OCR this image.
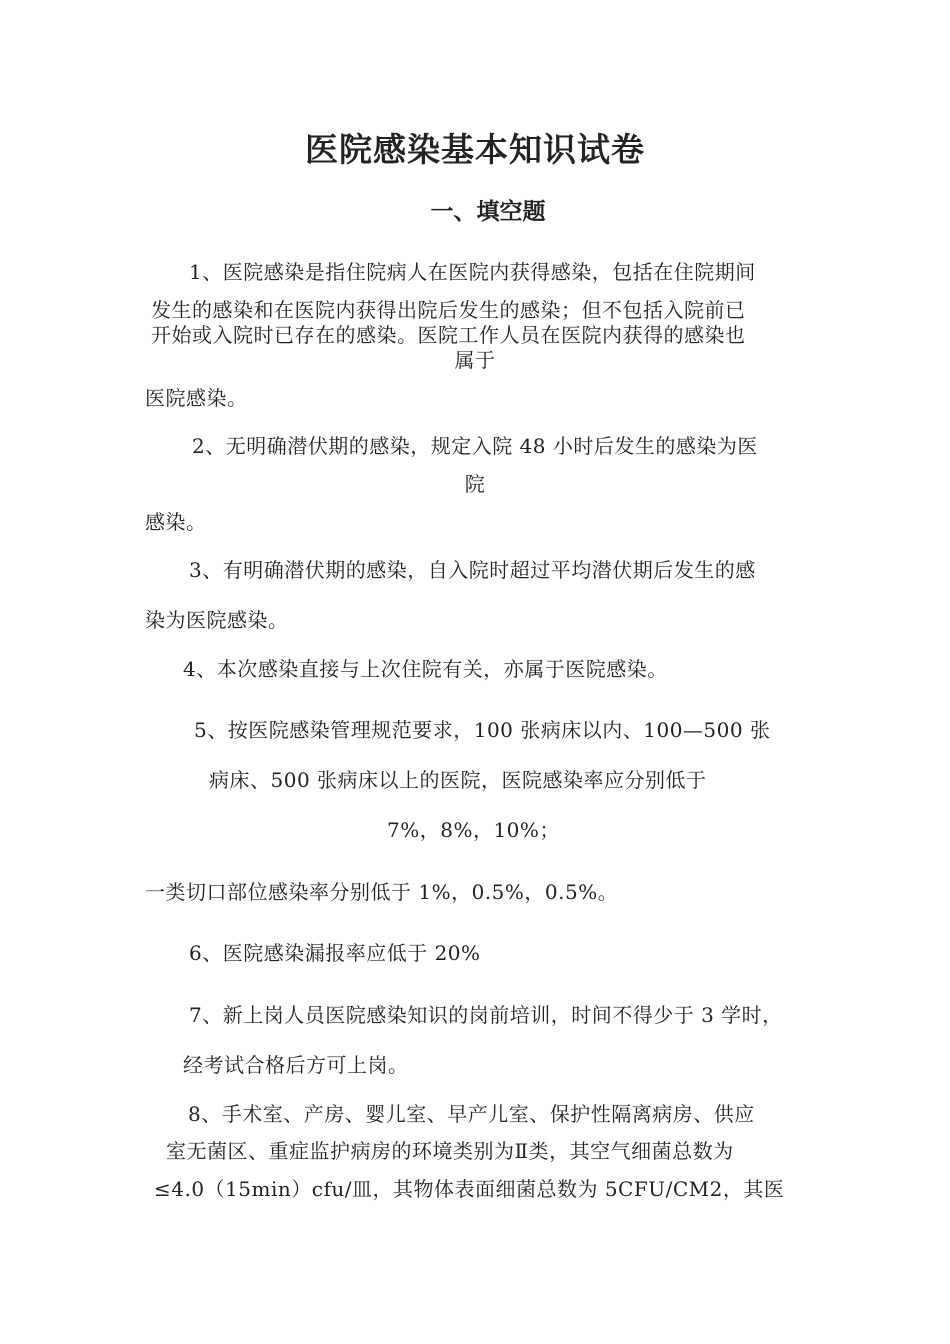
医院感染基本知识试卷
一、填空题
1、医院感染是指住院病人在医院内获得感染，包括在住院期间
发生的感染和在医院内获得出院后发生的感染；但不包括入院前已
开始或入院时已存在的感染。医院工作人员在医院内获得的感染也
属于
医院感染。
2、无明确潜伏期的感染，规定入院 48 小时后发生的感染为医
院
感染。
3、有明确潜伏期的感染，自入院时超过平均潜伏期后发生的感
染为医院感染。
4、本次感染直接与上次住院有关，亦属于医院感染。
5、按医院感染管理规范要求，100 张病床以内、100—500 张
病床、500 张病床以上的医院，医院感染率应分别低于
7%，8%，10%；
一类切口部位感染率分别低于 1%，0.5%，0.5%。
6、医院感染漏报率应低于 20%
7、新上岗人员医院感染知识的岗前培训，时间不得少于 3 学时，
经考试合格后方可上岗。
8、手术室、产房、婴儿室、早产儿室、保护性隔离病房、供应
室无菌区、重症监护病房的环境类别为Ⅱ类，其空气细菌总数为
≤4.0（15min）cfu/皿，其物体表面细菌总数为 5CFU/CM2，其医
